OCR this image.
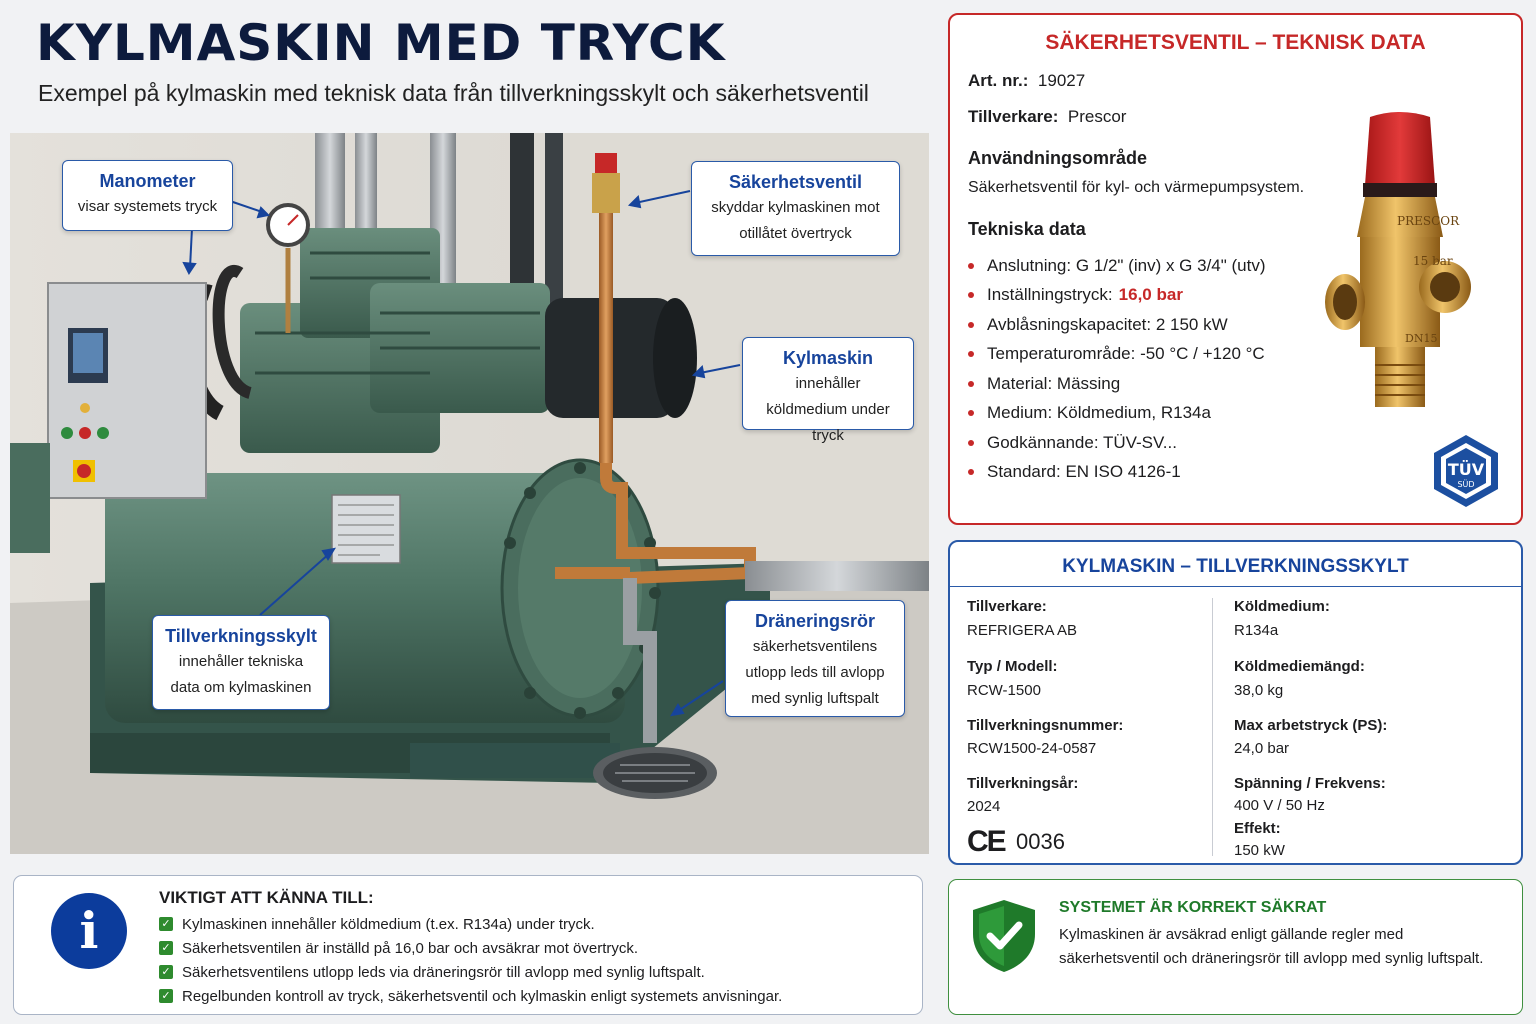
KYLMASKIN MED TRYCK
Exempel på kylmaskin med teknisk data från tillverkningsskylt och säkerhetsventil
Manometer
visar systemets tryck
Säkerhetsventil
skyddar kylmaskinen mot otillåtet övertryck
Kylmaskin
innehåller köldmedium under tryck
Tillverkningsskylt
innehåller tekniska data om kylmaskinen
Dräneringsrör
säkerhetsventilens utlopp leds till avlopp med synlig luftspalt
SÄKERHETSVENTIL – TEKNISK DATA
Art. nr.: 19027
Tillverkare: Prescor
Användningsområde
Säkerhetsventil för kyl- och värmepumpsystem.
Tekniska data
Anslutning: G 1/2" (inv) x G 3/4" (utv)
Inställningstryck: 16,0 bar
Avblåsningskapacitet: 2 150 kW
Temperaturområde: -50 °C / +120 °C
Material: Mässing
Medium: Köldmedium, R134a
Godkännande: TÜV-SV...
Standard: EN ISO 4126-1
PRESCOR
15 bar
DN15
TÜV
SÜD
KYLMASKIN – TILLVERKNINGSSKYLT
Tillverkare:
REFRIGERA AB
Typ / Modell:
RCW-1500
Tillverkningsnummer:
RCW1500-24-0587
Tillverkningsår:
2024
Köldmedium:
R134a
Köldmediemängd:
38,0 kg
Max arbetstryck (PS):
24,0 bar
Spänning / Frekvens:
400 V / 50 Hz
Effekt:
150 kW
CE 0036
i
VIKTIGT ATT KÄNNA TILL:
✓ Kylmaskinen innehåller köldmedium (t.ex. R134a) under tryck.
✓ Säkerhetsventilen är inställd på 16,0 bar och avsäkrar mot övertryck.
✓ Säkerhetsventilens utlopp leds via dräneringsrör till avlopp med synlig luftspalt.
✓ Regelbunden kontroll av tryck, säkerhetsventil och kylmaskin enligt systemets anvisningar.
SYSTEMET ÄR KORREKT SÄKRAT
Kylmaskinen är avsäkrad enligt gällande regler med säkerhetsventil och dräneringsrör till avlopp med synlig luftspalt.
